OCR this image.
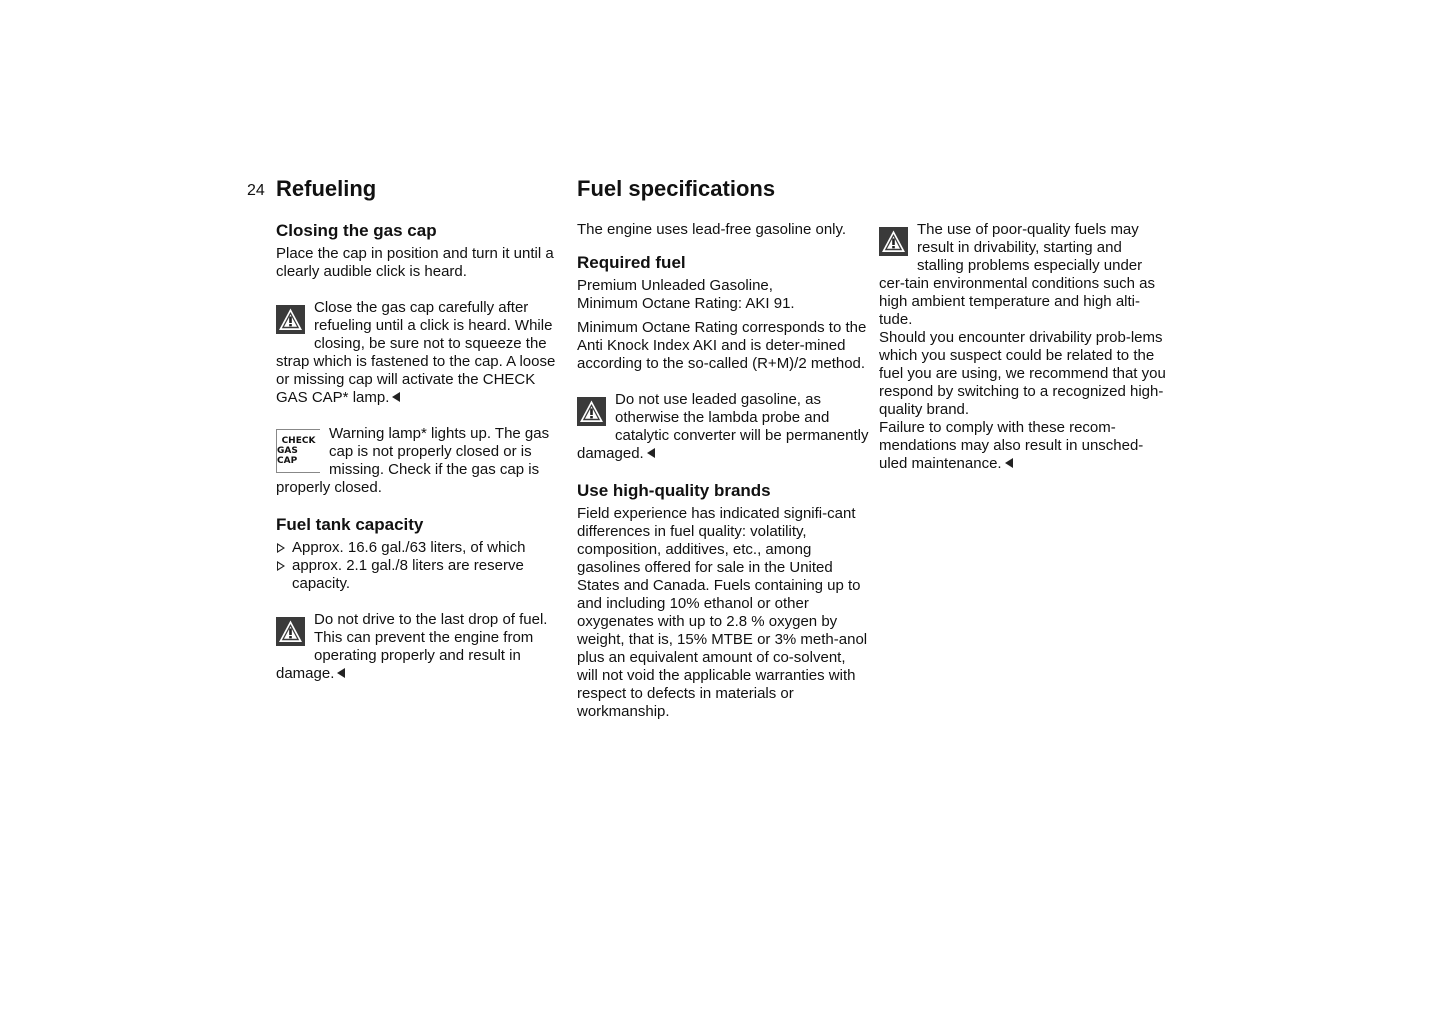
24 Refueling
Closing the gas cap

Place the cap in position and turn it until a clearly audible click is heard.

Close the gas cap carefully after refueling until a click is heard. While closing, be sure not to squeeze the strap which is fastened to the cap. A loose or missing cap will activate the CHECK GAS CAP* lamp.
CHECK
GAS CAP
Warning lamp* lights up. The gas cap is not properly closed or is missing. Check if the gas cap is properly closed.
Fuel tank capacity
Approx. 16.6 gal./63 liters, of which
approx. 2.1 gal./8 liters are reserve capacity.
Do not drive to the last drop of fuel. This can prevent the engine from operating properly and result in damage.
Fuel specifications

The engine uses lead-free gasoline only.

Required fuel

Premium Unleaded Gasoline,

Minimum Octane Rating: AKI 91.

Minimum Octane Rating corresponds to the Anti Knock Index AKI and is deter-mined according to the so-called (R+M)/2 method.

Do not use leaded gasoline, as otherwise the lambda probe and catalytic converter will be permanently damaged.
Use high-quality brands

Field experience has indicated signifi-cant differences in fuel quality: volatility, composition, additives, etc., among gasolines offered for sale in the United States and Canada. Fuels containing up to and including 10% ethanol or other oxygenates with up to 2.8 % oxygen by weight, that is, 15% MTBE or 3% meth-anol plus an equivalent amount of co-solvent, will not void the applicable warranties with respect to defects in materials or workmanship.

The use of poor-quality fuels may result in drivability, starting and stalling problems especially under cer-tain environmental conditions such as high ambient temperature and high alti-tude.
Should you encounter drivability prob-lems which you suspect could be related to the fuel you are using, we recommend that you respond by switching to a recognized high-quality brand.
Failure to comply with these recom-mendations may also result in unsched-uled maintenance.
